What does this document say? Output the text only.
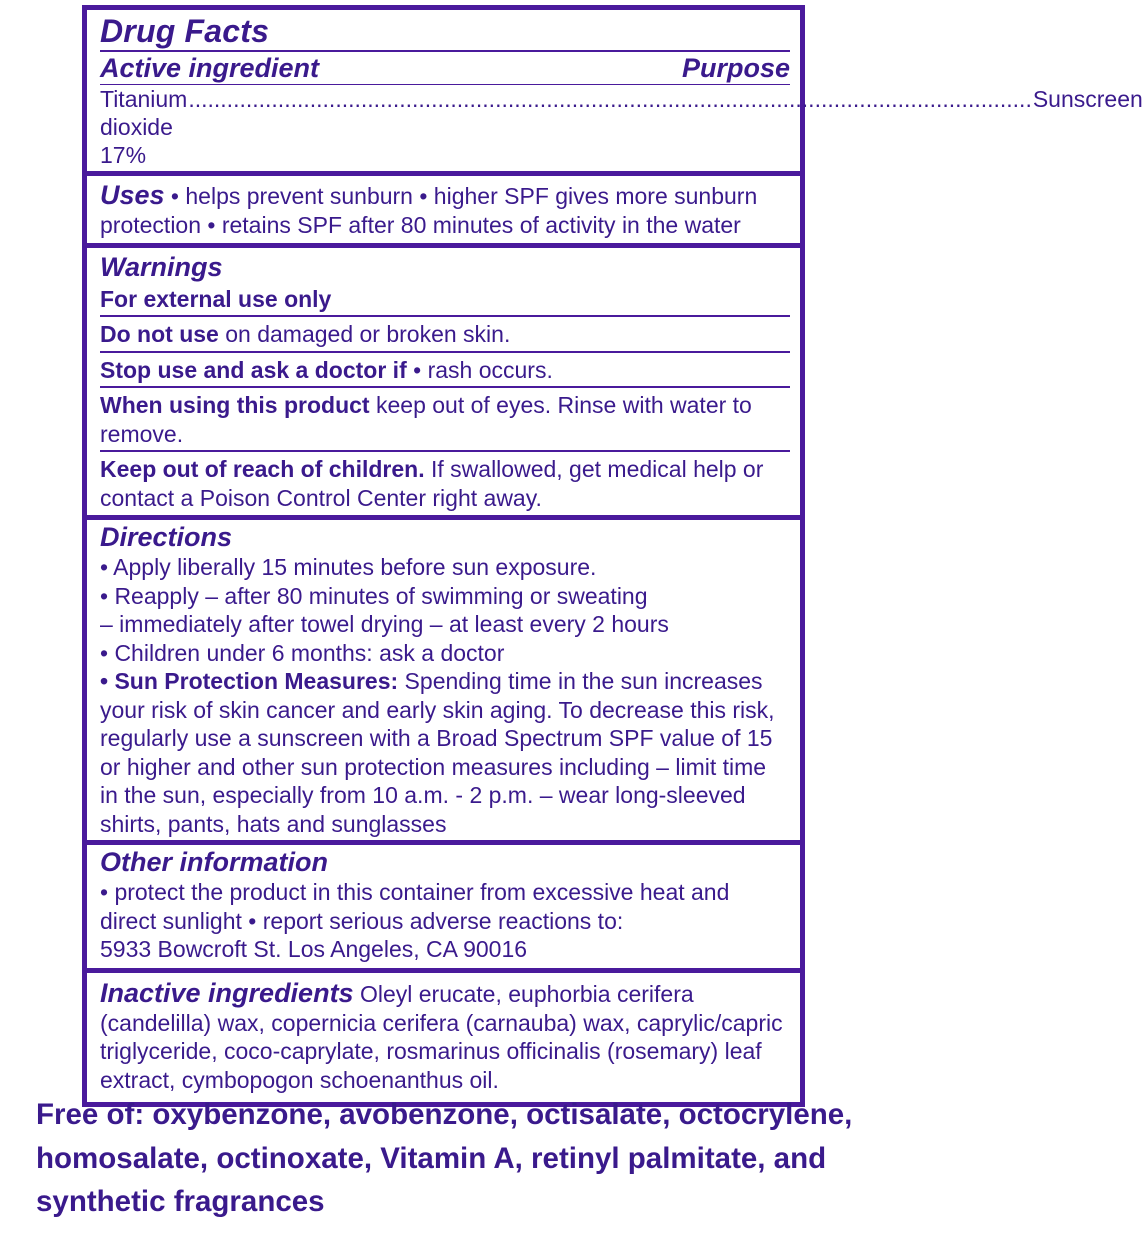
Drug Facts
Active ingredient	Purpose
Titanium dioxide 17%
.................................................................................................................................... Sunscreen
Uses • helps prevent sunburn • higher SPF gives more sunburn protection • retains SPF after 80 minutes of activity in the water
Warnings
For external use only
Do not use on damaged or broken skin.
Stop use and ask a doctor if • rash occurs.
When using this product keep out of eyes. Rinse with water to remove.
Keep out of reach of children. If swallowed, get medical help or contact a Poison Control Center right away.
Directions
• Apply liberally 15 minutes before sun exposure.
• Reapply – after 80 minutes of swimming or sweating
– immediately after towel drying – at least every 2 hours
• Children under 6 months: ask a doctor
• Sun Protection Measures: Spending time in the sun increases your risk of skin cancer and early skin aging. To decrease this risk, regularly use a sunscreen with a Broad Spectrum SPF value of 15 or higher and other sun protection measures including – limit time in the sun, especially from 10 a.m. - 2 p.m. – wear long-sleeved shirts, pants, hats and sunglasses
Other information
• protect the product in this container from excessive heat and direct sunlight • report serious adverse reactions to:
5933 Bowcroft St. Los Angeles, CA 90016
Inactive ingredients Oleyl erucate, euphorbia cerifera (candelilla) wax, copernicia cerifera (carnauba) wax, caprylic/capric triglyceride, coco-caprylate, rosmarinus officinalis (rosemary) leaf extract, cymbopogon schoenanthus oil.
Free of: oxybenzone, avobenzone, octisalate, octocrylene, homosalate, octinoxate, Vitamin A, retinyl palmitate, and synthetic fragrances
